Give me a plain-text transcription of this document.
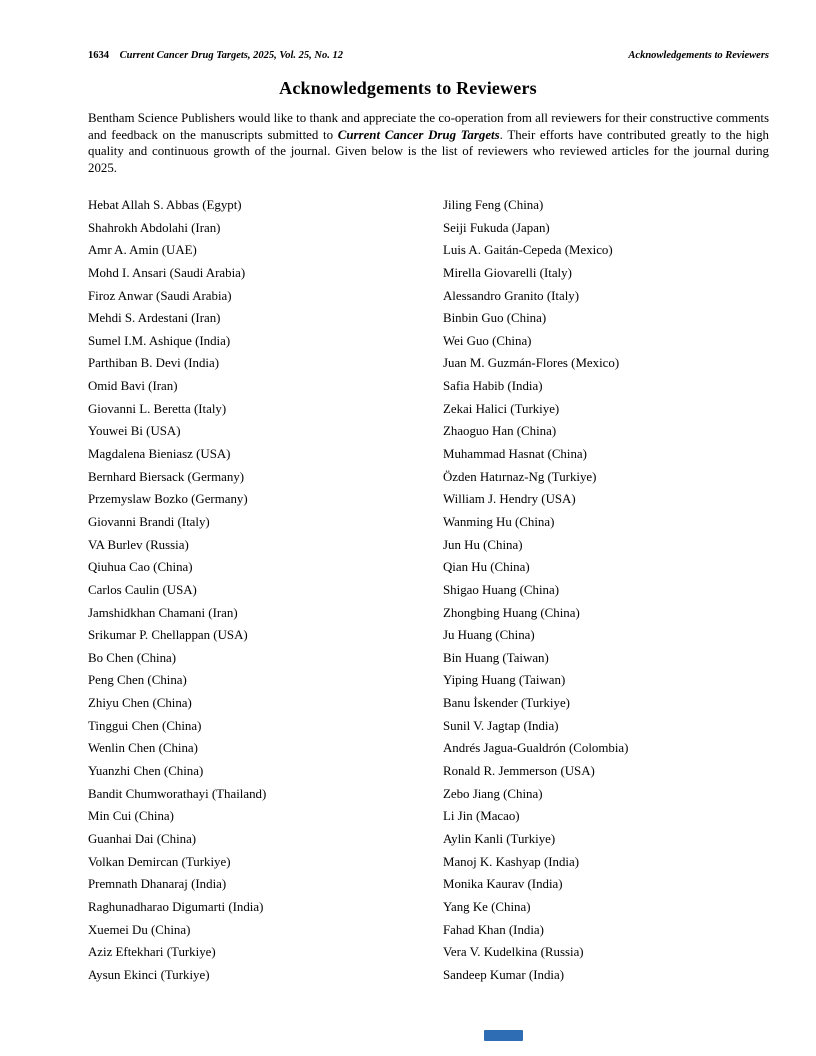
1634 Current Cancer Drug Targets, 2025, Vol. 25, No. 12	Acknowledgements to Reviewers
Acknowledgements to Reviewers

Bentham Science Publishers would like to thank and appreciate the co-operation from all reviewers for their constructive comments and feedback on the manuscripts submitted to Current Cancer Drug Targets. Their efforts have contributed greatly to the high quality and continuous growth of the journal. Given below is the list of reviewers who reviewed articles for the journal during 2025.

Hebat Allah S. Abbas (Egypt)
Shahrokh Abdolahi (Iran)
Amr A. Amin (UAE)
Mohd I. Ansari (Saudi Arabia)
Firoz Anwar (Saudi Arabia)
Mehdi S. Ardestani (Iran)
Sumel I.M. Ashique (India)
Parthiban B. Devi (India)
Omid Bavi (Iran)
Giovanni L. Beretta (Italy)
Youwei Bi (USA)
Magdalena Bieniasz (USA)
Bernhard Biersack (Germany)
Przemyslaw Bozko (Germany)
Giovanni Brandi (Italy)
VA Burlev (Russia)
Qiuhua Cao (China)
Carlos Caulin (USA)
Jamshidkhan Chamani (Iran)
Srikumar P. Chellappan (USA)
Bo Chen (China)
Peng Chen (China)
Zhiyu Chen (China)
Tinggui Chen (China)
Wenlin Chen (China)
Yuanzhi Chen (China)
Bandit Chumworathayi (Thailand)
Min Cui (China)
Guanhai Dai (China)
Volkan Demircan (Turkiye)
Premnath Dhanaraj (India)
Raghunadharao Digumarti (India)
Xuemei Du (China)
Aziz Eftekhari (Turkiye)
Aysun Ekinci (Turkiye)
Jiling Feng (China)
Seiji Fukuda (Japan)
Luis A. Gaitán-Cepeda (Mexico)
Mirella Giovarelli (Italy)
Alessandro Granito (Italy)
Binbin Guo (China)
Wei Guo (China)
Juan M. Guzmán-Flores (Mexico)
Safia Habib (India)
Zekai Halici (Turkiye)
Zhaoguo Han (China)
Muhammad Hasnat (China)
Özden Hatırnaz-Ng (Turkiye)
William J. Hendry (USA)
Wanming Hu (China)
Jun Hu (China)
Qian Hu (China)
Shigao Huang (China)
Zhongbing Huang (China)
Ju Huang (China)
Bin Huang (Taiwan)
Yiping Huang (Taiwan)
Banu İskender (Turkiye)
Sunil V. Jagtap (India)
Andrés Jagua-Gualdrón (Colombia)
Ronald R. Jemmerson (USA)
Zebo Jiang (China)
Li Jin (Macao)
Aylin Kanli (Turkiye)
Manoj K. Kashyap (India)
Monika Kaurav (India)
Yang Ke (China)
Fahad Khan (India)
Vera V. Kudelkina (Russia)
Sandeep Kumar (India)
